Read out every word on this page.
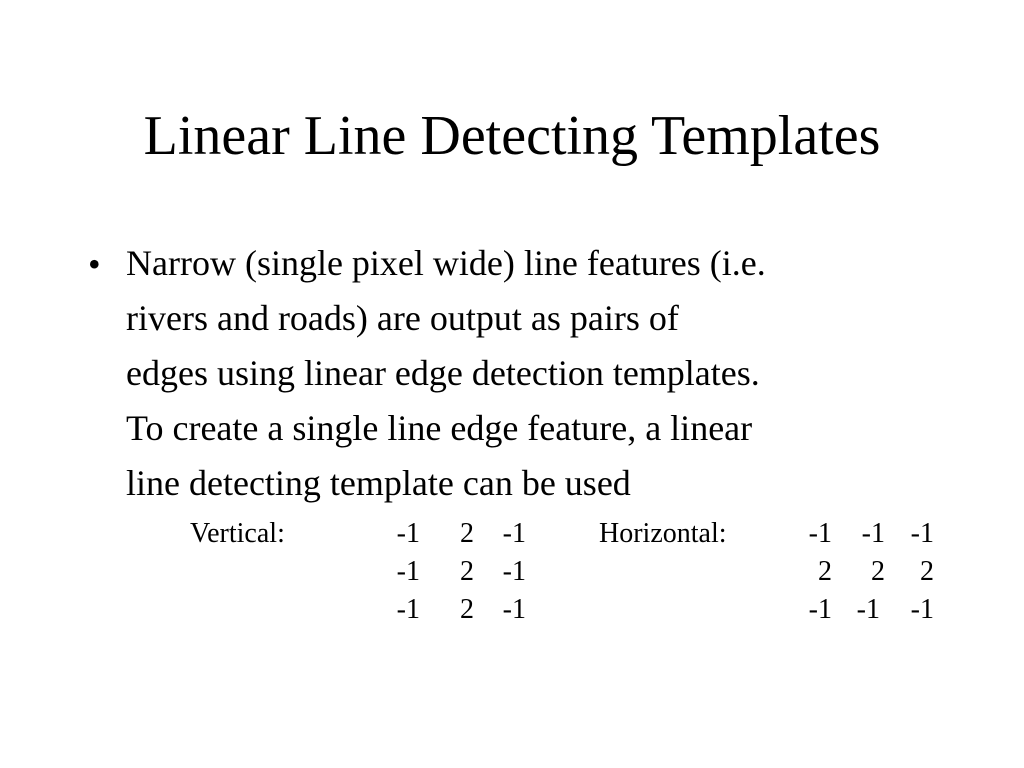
Linear Line Detecting Templates
• Narrow (single pixel wide) line features (i.e.
rivers and roads) are output as pairs of
edges using linear edge detection templates.
To create a single line edge feature, a linear
line detecting template can be used
Vertical:	-1	2	-1
-1	2	-1
-1	2	-1
Horizontal:	-1	-1 -1
2	2	2
-1 -1	-1
